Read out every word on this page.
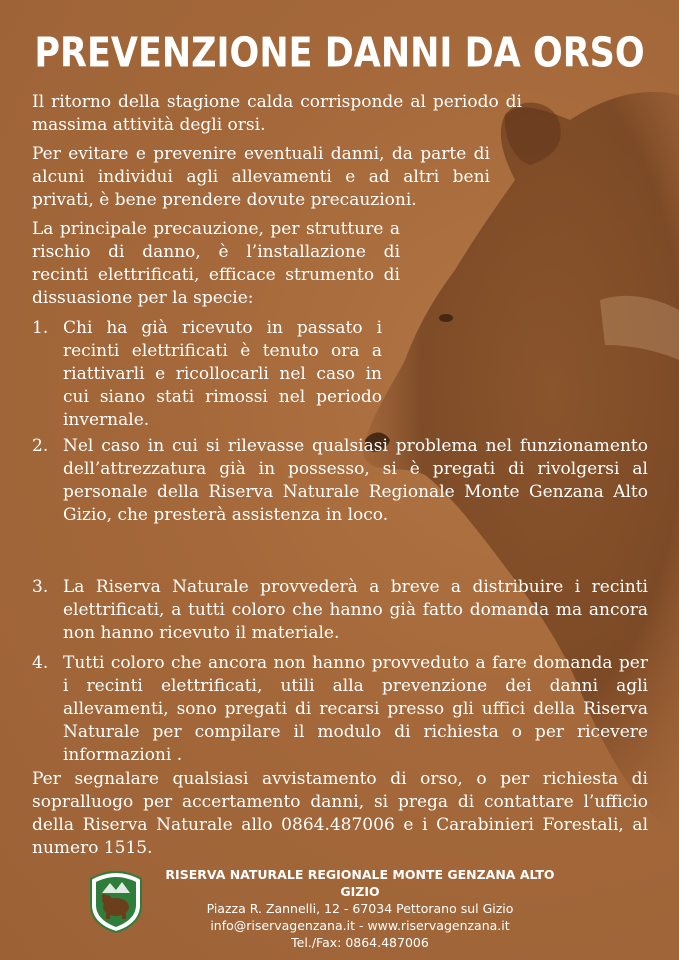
PREVENZIONE DANNI DA ORSO
Il ritorno della stagione calda corrisponde al periodo di massima attività degli orsi.
Per evitare e prevenire eventuali danni, da parte di alcuni individui agli allevamenti e ad altri beni privati, è bene prendere dovute precauzioni.
La principale precauzione, per strutture a rischio di danno, è l’installazione di recinti elettrificati, efficace strumento di dissuasione per la specie:
1. Chi ha già ricevuto in passato i recinti elettrificati è tenuto ora a riattivarli e ricollocarli nel caso in cui siano stati rimossi nel periodo invernale.
2. Nel caso in cui si rilevasse qualsiasi problema nel funzionamento dell’attrezzatura già in possesso, si è pregati di rivolgersi al personale della Riserva Naturale Regionale Monte Genzana Alto Gizio, che presterà assistenza in loco.
3. La Riserva Naturale provvederà a breve a distribuire i recinti elettrificati, a tutti coloro che hanno già fatto domanda ma ancora non hanno ricevuto il materiale.
4. Tutti coloro che ancora non hanno provveduto a fare domanda per i recinti elettrificati, utili alla prevenzione dei danni agli allevamenti, sono pregati di recarsi presso gli uffici della Riserva Naturale per compilare il modulo di richiesta o per ricevere informazioni .
Per segnalare qualsiasi avvistamento di orso, o per richiesta di sopralluogo per accertamento danni, si prega di contattare l’ufficio della Riserva Naturale allo 0864.487006 e i Carabinieri Forestali, al numero 1515.
RISERVA NATURALE REGIONALE MONTE GENZANA ALTO GIZIO
Piazza R. Zannelli, 12 - 67034 Pettorano sul Gizio
info@riservagenzana.it - www.riservagenzana.it
Tel./Fax: 0864.487006
